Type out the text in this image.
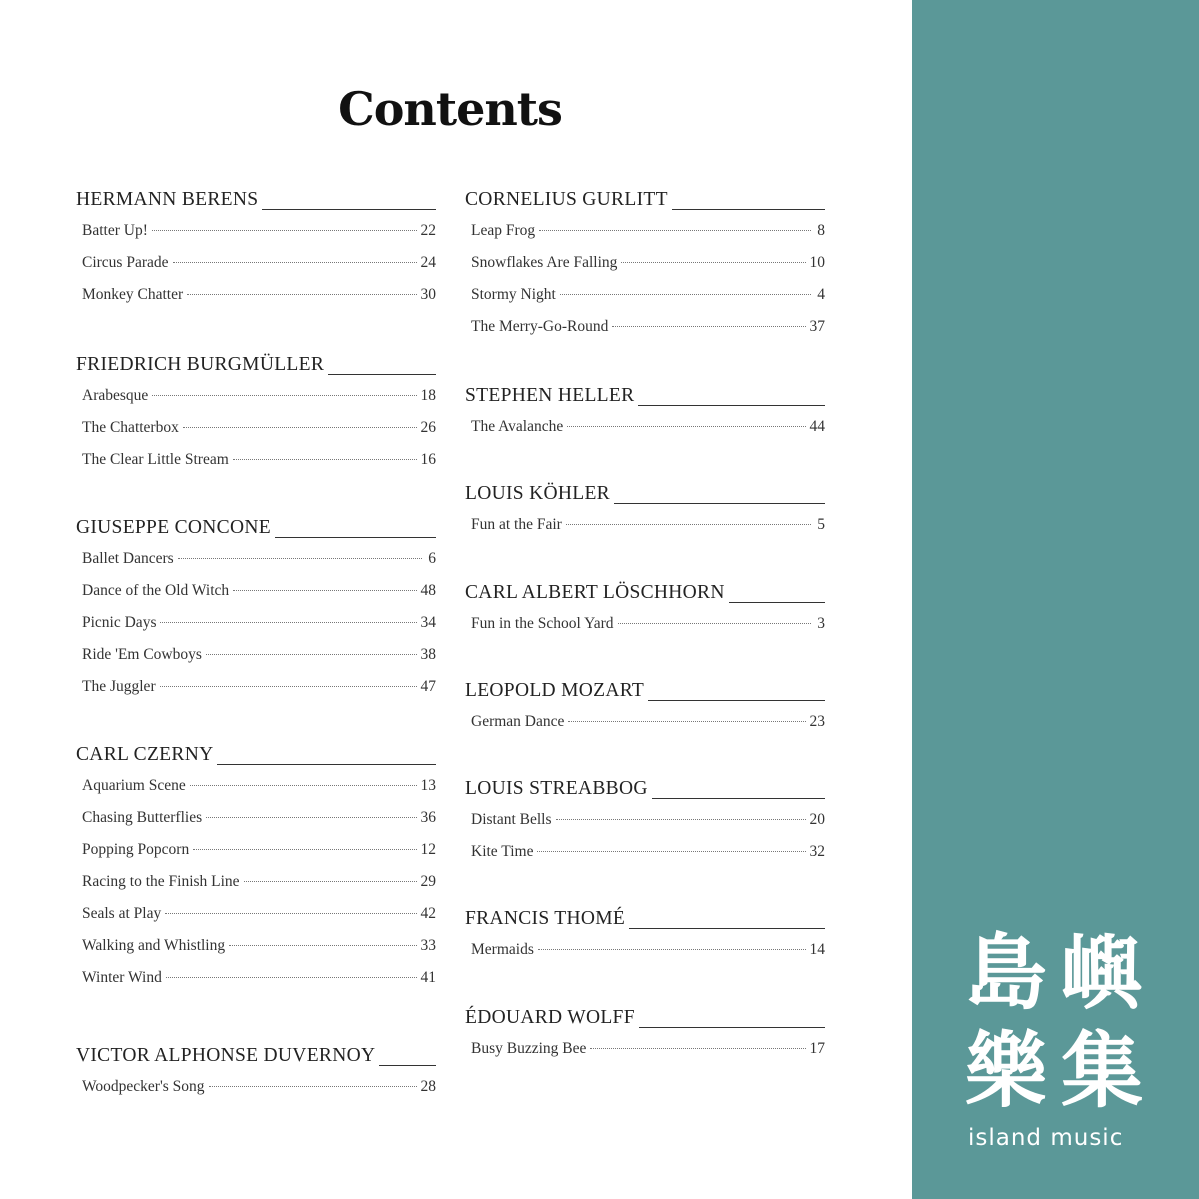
Contents
HERMANN BERENS
Batter Up!	22
Circus Parade	24
Monkey Chatter	30
FRIEDRICH BURGMÜLLER
Arabesque	18
The Chatterbox	26
The Clear Little Stream	16
GIUSEPPE CONCONE
Ballet Dancers	6
Dance of the Old Witch	48
Picnic Days	34
Ride 'Em Cowboys	38
The Juggler	47
CARL CZERNY
Aquarium Scene	13
Chasing Butterflies	36
Popping Popcorn	12
Racing to the Finish Line	29
Seals at Play	42
Walking and Whistling	33
Winter Wind	41
VICTOR ALPHONSE DUVERNOY
Woodpecker's Song	28
CORNELIUS GURLITT
Leap Frog	8
Snowflakes Are Falling	10
Stormy Night	4
The Merry-Go-Round	37
STEPHEN HELLER
The Avalanche	44
LOUIS KÖHLER
Fun at the Fair	5
CARL ALBERT LÖSCHHORN
Fun in the School Yard	3
LEOPOLD MOZART
German Dance	23
LOUIS STREABBOG
Distant Bells	20
Kite Time	32
FRANCIS THOMÉ
Mermaids	14
ÉDOUARD WOLFF
Busy Buzzing Bee	17
島 嶼
樂 集
island music
